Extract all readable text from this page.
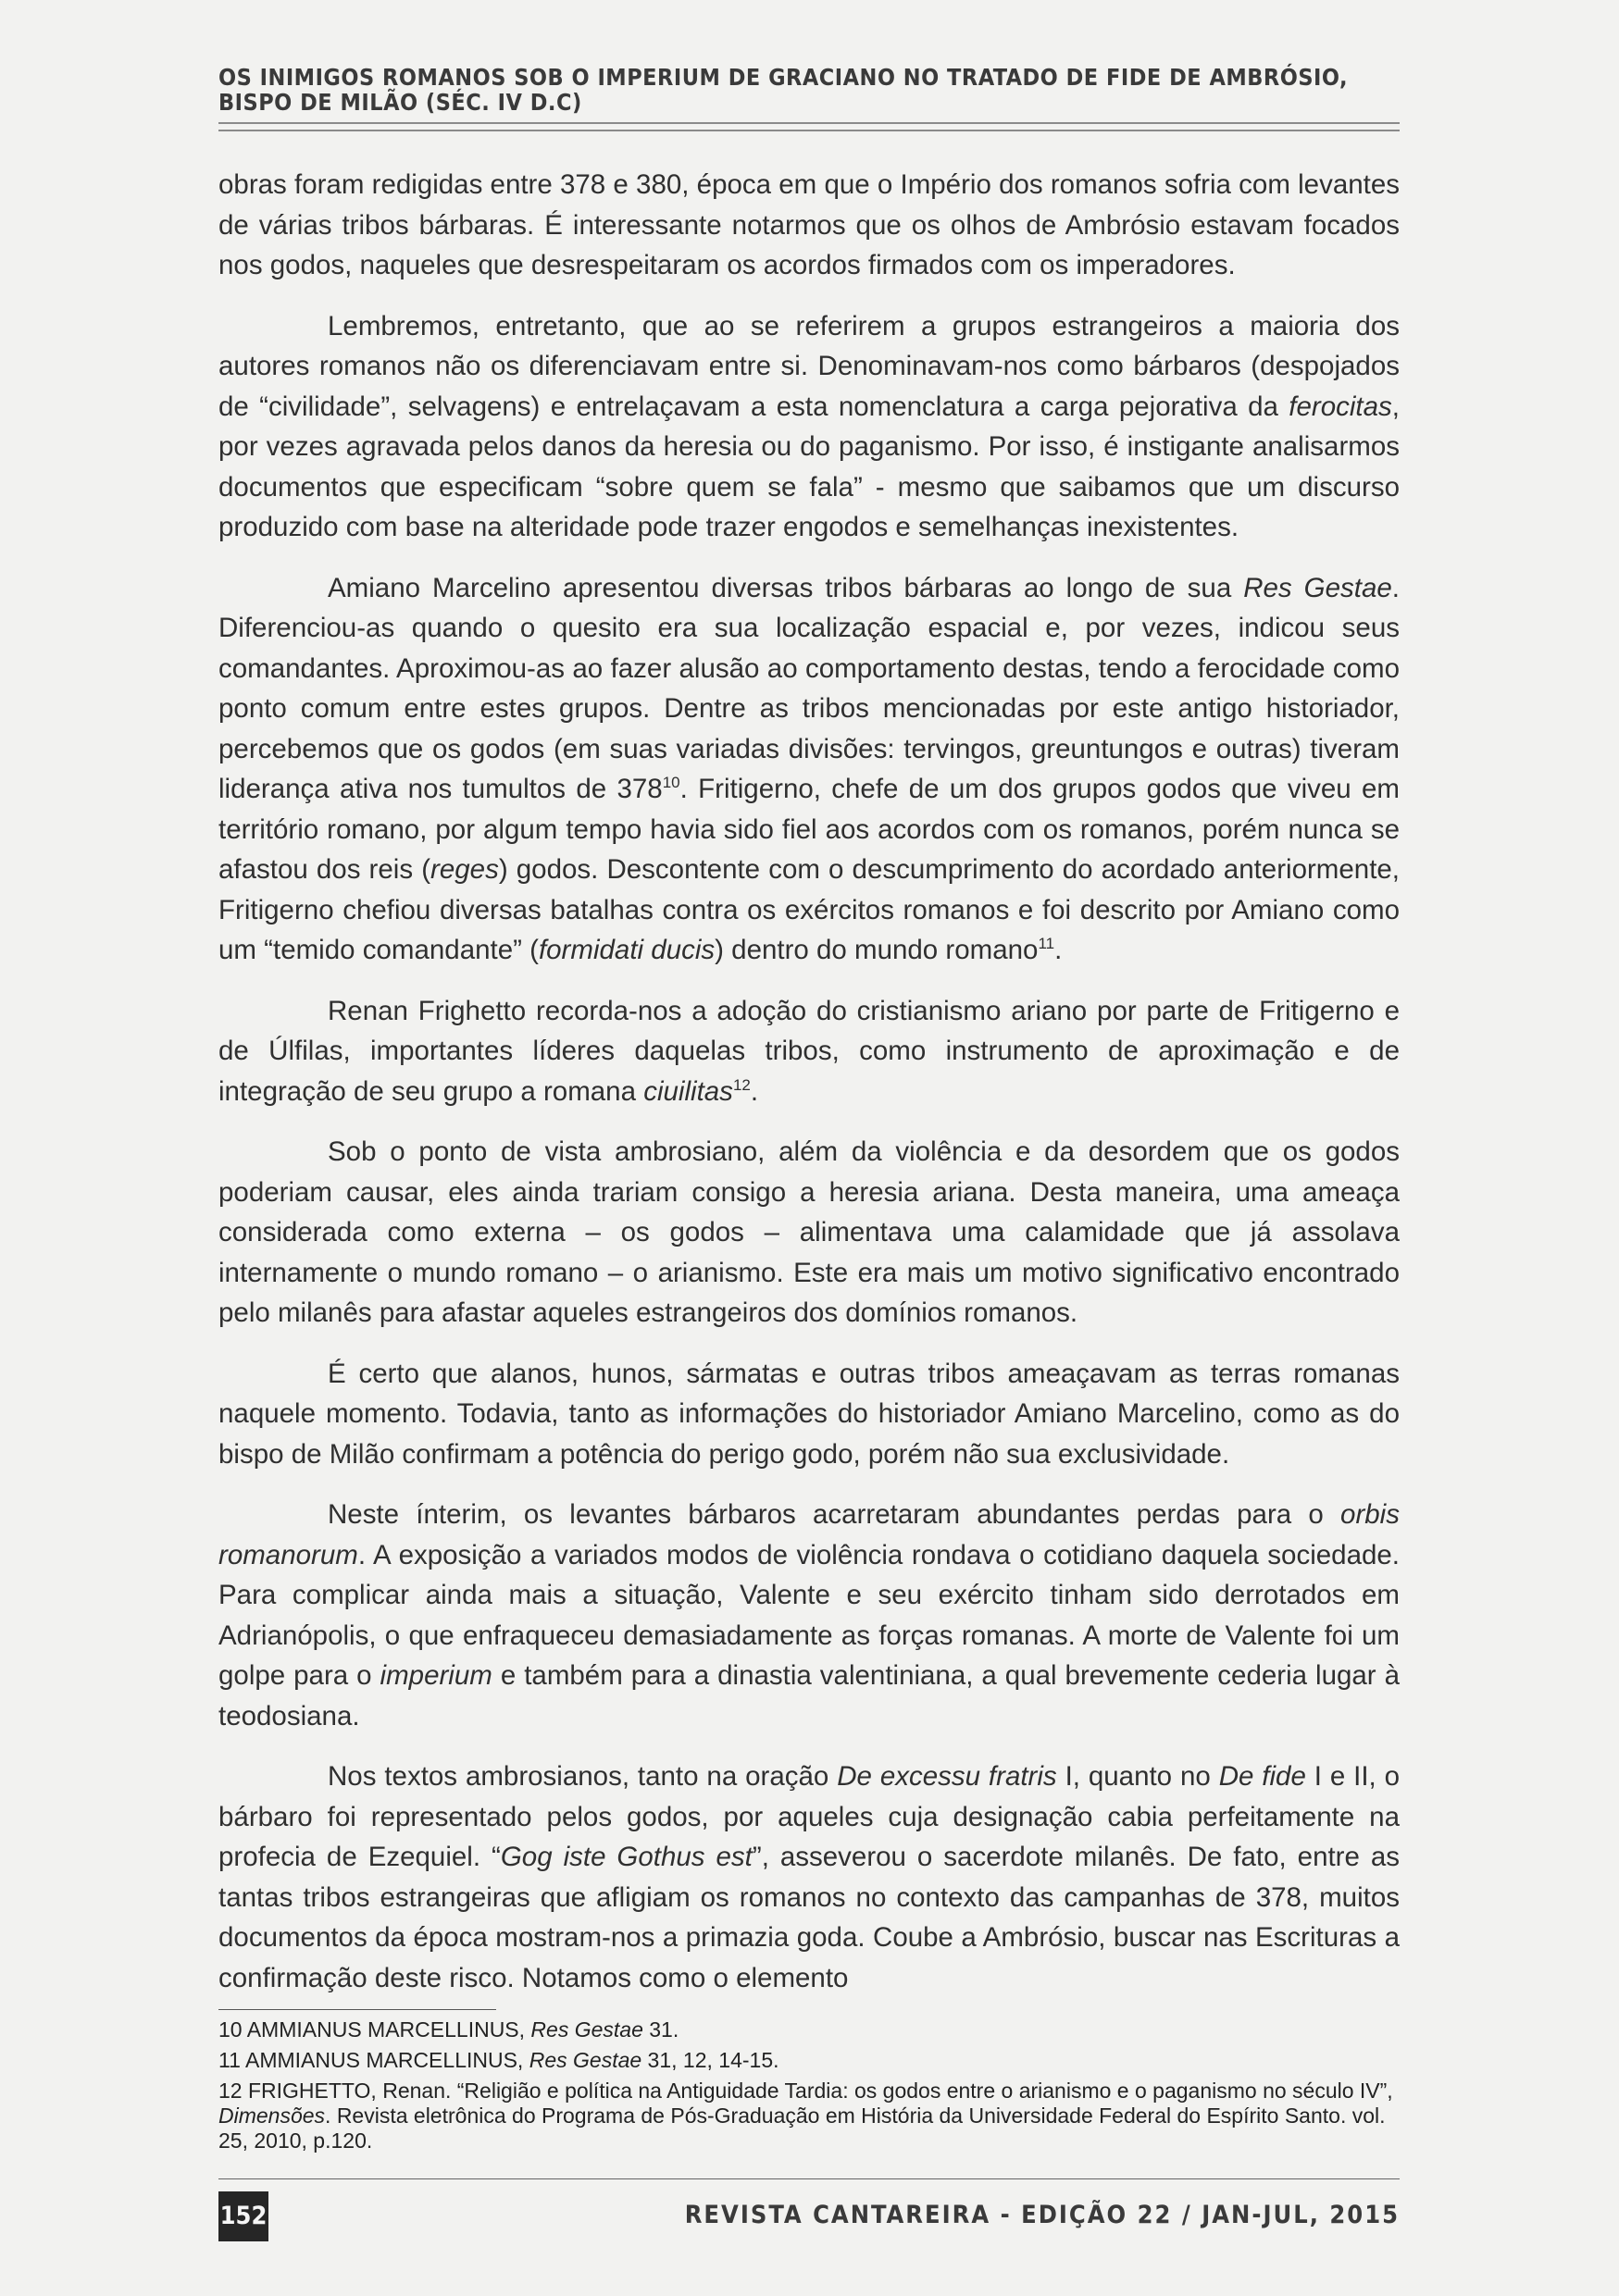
OS INIMIGOS ROMANOS SOB O IMPERIUM DE GRACIANO NO TRATADO DE FIDE DE AMBRÓSIO,
BISPO DE MILÃO (SÉC. IV D.C)

obras foram redigidas entre 378 e 380, época em que o Império dos romanos sofria com levantes de várias tribos bárbaras. É interessante notarmos que os olhos de Ambrósio estavam focados nos godos, naqueles que desrespeitaram os acordos firmados com os imperadores.

Lembremos, entretanto, que ao se referirem a grupos estrangeiros a maioria dos autores romanos não os diferenciavam entre si. Denominavam-nos como bárbaros (despojados de “civilidade”, selvagens) e entrelaçavam a esta nomenclatura a carga pejorativa da ferocitas, por vezes agravada pelos danos da heresia ou do paganismo. Por isso, é instigante analisarmos documentos que especificam “sobre quem se fala” - mesmo que saibamos que um discurso produzido com base na alteridade pode trazer engodos e semelhanças inexistentes.

Amiano Marcelino apresentou diversas tribos bárbaras ao longo de sua Res Gestae. Diferenciou-as quando o quesito era sua localização espacial e, por vezes, indicou seus comandantes. Aproximou-as ao fazer alusão ao comportamento destas, tendo a ferocidade como ponto comum entre estes grupos. Dentre as tribos mencionadas por este antigo historiador, percebemos que os godos (em suas variadas divisões: tervingos, greuntungos e outras) tiveram liderança ativa nos tumultos de $378^{10}$. Fritigerno, chefe de um dos grupos godos que viveu em território romano, por algum tempo havia sido fiel aos acordos com os romanos, porém nunca se afastou dos reis (reges) godos. Descontente com o descumprimento do acordado anteriormente, Fritigerno chefiou diversas batalhas contra os exércitos romanos e foi descrito por Amiano como um “temido comandante” (formidati ducis) dentro do mundo romano$^{11}$.

Renan Frighetto recorda-nos a adoção do cristianismo ariano por parte de Fritigerno e de Úlfilas, importantes líderes daquelas tribos, como instrumento de aproximação e de integração de seu grupo a romana ciuilitas$^{12}$.

Sob o ponto de vista ambrosiano, além da violência e da desordem que os godos poderiam causar, eles ainda trariam consigo a heresia ariana. Desta maneira, uma ameaça considerada como externa – os godos – alimentava uma calamidade que já assolava internamente o mundo romano – o arianismo. Este era mais um motivo significativo encontrado pelo milanês para afastar aqueles estrangeiros dos domínios romanos.

É certo que alanos, hunos, sármatas e outras tribos ameaçavam as terras romanas naquele momento. Todavia, tanto as informações do historiador Amiano Marcelino, como as do bispo de Milão confirmam a potência do perigo godo, porém não sua exclusividade.

Neste ínterim, os levantes bárbaros acarretaram abundantes perdas para o orbis romanorum. A exposição a variados modos de violência rondava o cotidiano daquela sociedade. Para complicar ainda mais a situação, Valente e seu exército tinham sido derrotados em Adrianópolis, o que enfraqueceu demasiadamente as forças romanas. A morte de Valente foi um golpe para o imperium e também para a dinastia valentiniana, a qual brevemente cederia lugar à teodosiana.

Nos textos ambrosianos, tanto na oração De excessu fratris I, quanto no De fide I e II, o bárbaro foi representado pelos godos, por aqueles cuja designação cabia perfeitamente na profecia de Ezequiel. “Gog iste Gothus est”, asseverou o sacerdote milanês. De fato, entre as tantas tribos estrangeiras que afligiam os romanos no contexto das campanhas de 378, muitos documentos da época mostram-nos a primazia goda. Coube a Ambrósio, buscar nas Escrituras a confirmação deste risco. Notamos como o elemento

10 AMMIANUS MARCELLINUS, Res Gestae 31.

11 AMMIANUS MARCELLINUS, Res Gestae 31, 12, 14-15.

12 FRIGHETTO, Renan. “Religião e política na Antiguidade Tardia: os godos entre o arianismo e o paganismo no século IV”, Dimensões. Revista eletrônica do Programa de Pós-Graduação em História da Universidade Federal do Espírito Santo. vol. 25, 2010, p.120.

152	REVISTA CANTAREIRA - EDIÇÃO 22 / JAN-JUL, 2015
